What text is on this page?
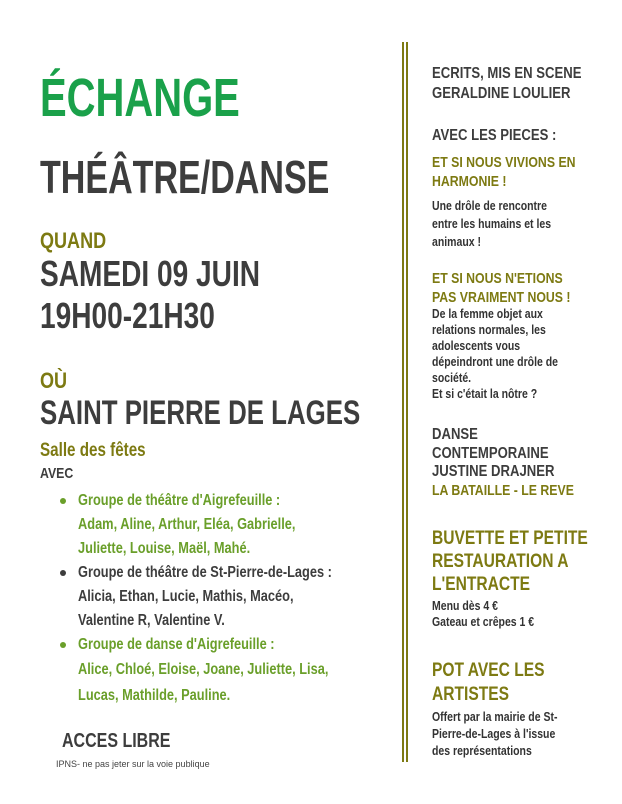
ÉCHANGE
THÉÂTRE/DANSE
QUAND
SAMEDI 09 JUIN
19H00-21H30
OÙ
SAINT PIERRE DE LAGES
Salle des fêtes
AVEC
Groupe de théâtre d'Aigrefeuille :
Adam, Aline, Arthur, Eléa, Gabrielle,
Juliette, Louise, Maël, Mahé.
Groupe de théâtre de St-Pierre-de-Lages :
Alicia, Ethan, Lucie, Mathis, Macéo,
Valentine R, Valentine V.
Groupe de danse d'Aigrefeuille :
Alice, Chloé, Eloise, Joane, Juliette, Lisa,
Lucas, Mathilde, Pauline.
ACCES LIBRE
IPNS- ne pas jeter sur la voie publique
ECRITS, MIS EN SCENE
GERALDINE LOULIER
AVEC LES PIECES :
ET SI NOUS VIVIONS EN
HARMONIE !
Une drôle de rencontre
entre les humains et les
animaux !
ET SI NOUS N'ETIONS
PAS VRAIMENT NOUS !
De la femme objet aux
relations normales, les
adolescents vous
dépeindront une drôle de
société.
Et si c'était la nôtre ?
DANSE
CONTEMPORAINE
JUSTINE DRAJNER
LA BATAILLE - LE REVE
BUVETTE ET PETITE
RESTAURATION A
L'ENTRACTE
Menu dès 4 €
Gateau et crêpes 1 €
POT AVEC LES
ARTISTES
Offert par la mairie de St-
Pierre-de-Lages à l'issue
des représentations
